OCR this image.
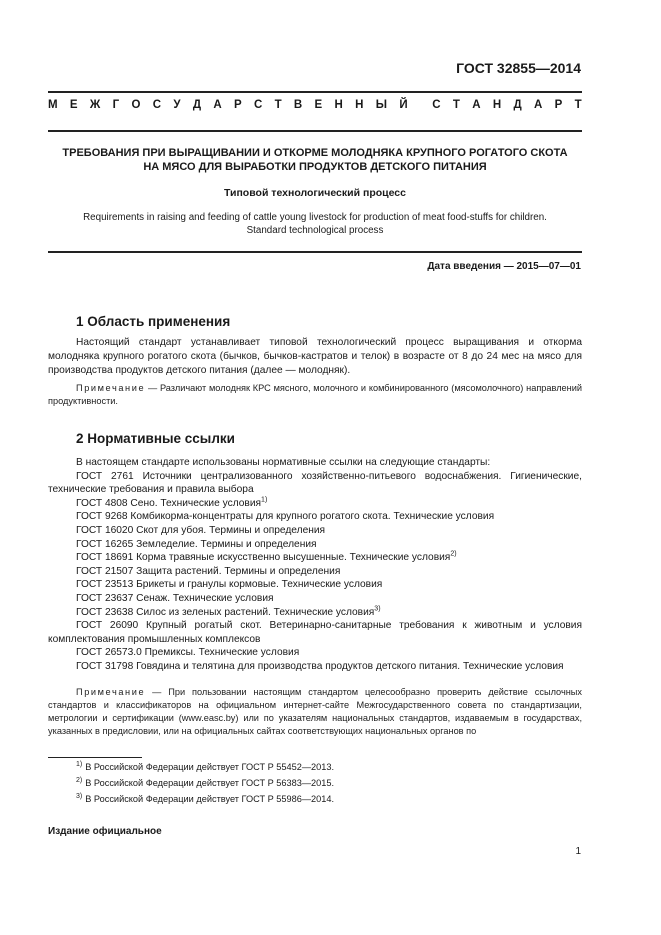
ГОСТ 32855—2014
М Е Ж Г О С У Д А Р С Т В Е Н Н Ы Й С Т А Н Д А Р Т
ТРЕБОВАНИЯ ПРИ ВЫРАЩИВАНИИ И ОТКОРМЕ МОЛОДНЯКА КРУПНОГО РОГАТОГО СКОТА
НА МЯСО ДЛЯ ВЫРАБОТКИ ПРОДУКТОВ ДЕТСКОГО ПИТАНИЯ
Типовой технологический процесс
Requirements in raising and feeding of cattle young livestock for production of meat food-stuffs for children.
Standard technological process
Дата введения — 2015—07—01
1 Область применения
Настоящий стандарт устанавливает типовой технологический процесс выращивания и откорма молодняка крупного рогатого скота (бычков, бычков-кастратов и телок) в возрасте от 8 до 24 мес на мясо для производства продуктов детского питания (далее — молодняк).
Примечание — Различают молодняк КРС мясного, молочного и комбинированного (мясомолочного) направлений продуктивности.
2 Нормативные ссылки
В настоящем стандарте использованы нормативные ссылки на следующие стандарты:
ГОСТ 2761 Источники централизованного хозяйственно-питьевого водоснабжения. Гигиенические, технические требования и правила выбора
ГОСТ 4808 Сено. Технические условия$^{1)}$
ГОСТ 9268 Комбикорма-концентраты для крупного рогатого скота. Технические условия
ГОСТ 16020 Скот для убоя. Термины и определения
ГОСТ 16265 Земледелие. Термины и определения
ГОСТ 18691 Корма травяные искусственно высушенные. Технические условия$^{2)}$
ГОСТ 21507 Защита растений. Термины и определения
ГОСТ 23513 Брикеты и гранулы кормовые. Технические условия
ГОСТ 23637 Сенаж. Технические условия
ГОСТ 23638 Силос из зеленых растений. Технические условия$^{3)}$
ГОСТ 26090 Крупный рогатый скот. Ветеринарно-санитарные требования к животным и условия комплектования промышленных комплексов
ГОСТ 26573.0 Премиксы. Технические условия
ГОСТ 31798 Говядина и телятина для производства продуктов детского питания. Технические условия
Примечание — При пользовании настоящим стандартом целесообразно проверить действие ссылочных стандартов и классификаторов на официальном интернет-сайте Межгосударственного совета по стандартизации, метрологии и сертификации (www.easc.by) или по указателям национальных стандартов, издаваемым в государствах, указанных в предисловии, или на официальных сайтах соответствующих национальных органов по
$^{1)}$ В Российской Федерации действует ГОСТ Р 55452—2013.
$^{2)}$ В Российской Федерации действует ГОСТ Р 56383—2015.
$^{3)}$ В Российской Федерации действует ГОСТ Р 55986—2014.
Издание официальное
1
